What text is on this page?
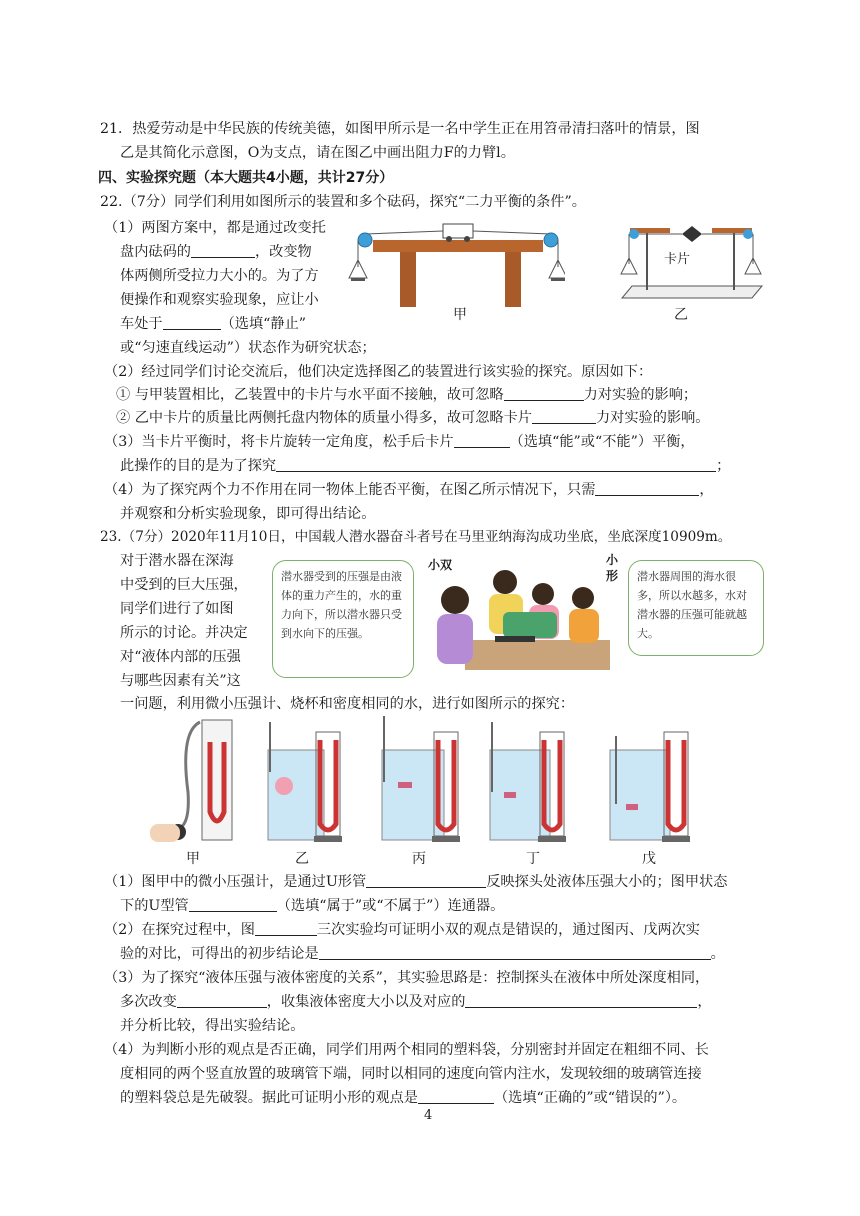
21．热爱劳动是中华民族的传统美德，如图甲所示是一名中学生正在用笤帚清扫落叶的情景，图
乙是其简化示意图，O为支点，请在图乙中画出阻力F的力臂l。
四、实验探究题（本大题共4小题，共计27分）
22.（7分）同学们利用如图所示的装置和多个砝码，探究“二力平衡的条件”。
（1）两图方案中，都是通过改变托
盘内砝码的	，改变物
体两侧所受拉力大小的。为了方
便操作和观察实验现象，应让小
车处于	（选填“静止”
或“匀速直线运动”）状态作为研究状态；
甲
卡片
乙
（2）经过同学们讨论交流后，他们决定选择图乙的装置进行该实验的探究。原因如下：
① 与甲装置相比，乙装置中的卡片与水平面不接触，故可忽略	力对实验的影响；
② 乙中卡片的质量比两侧托盘内物体的质量小得多，故可忽略卡片	力对实验的影响。
（3）当卡片平衡时，将卡片旋转一定角度，松手后卡片	（选填“能”或“不能”）平衡，
此操作的目的是为了探究	；
（4）为了探究两个力不作用在同一物体上能否平衡，在图乙所示情况下，只需	，
并观察和分析实验现象，即可得出结论。
23.（7分）2020年11月10日，中国载人潜水器奋斗者号在马里亚纳海沟成功坐底，坐底深度10909m。
对于潜水器在深海
中受到的巨大压强，
同学们进行了如图
所示的讨论。并决定
对“液体内部的压强
与哪些因素有关”这
潜水器受到的压强是由液体的重力产生的，水的重力向下，所以潜水器只受到水向下的压强。
小双	小形	潜水器周围的海水很多，所以水越多，水对潜水器的压强可能就越大。
一问题，利用微小压强计、烧杯和密度相同的水，进行如图所示的探究：
甲	乙	丙	丁	戊
（1）图甲中的微小压强计，是通过U形管	反映探头处液体压强大小的；图甲状态
下的U型管	（选填“属于”或“不属于”）连通器。
（2）在探究过程中，图	三次实验均可证明小双的观点是错误的，通过图丙、戊两次实
验的对比，可得出的初步结论是	。
（3）为了探究“液体压强与液体密度的关系”，其实验思路是：控制探头在液体中所处深度相同，
多次改变	，收集液体密度大小以及对应的	，
并分析比较，得出实验结论。
（4）为判断小形的观点是否正确，同学们用两个相同的塑料袋，分别密封并固定在粗细不同、长
度相同的两个竖直放置的玻璃管下端，同时以相同的速度向管内注水，发现较细的玻璃管连接
的塑料袋总是先破裂。据此可证明小形的观点是	（选填“正确的”或“错误的”）。
4
